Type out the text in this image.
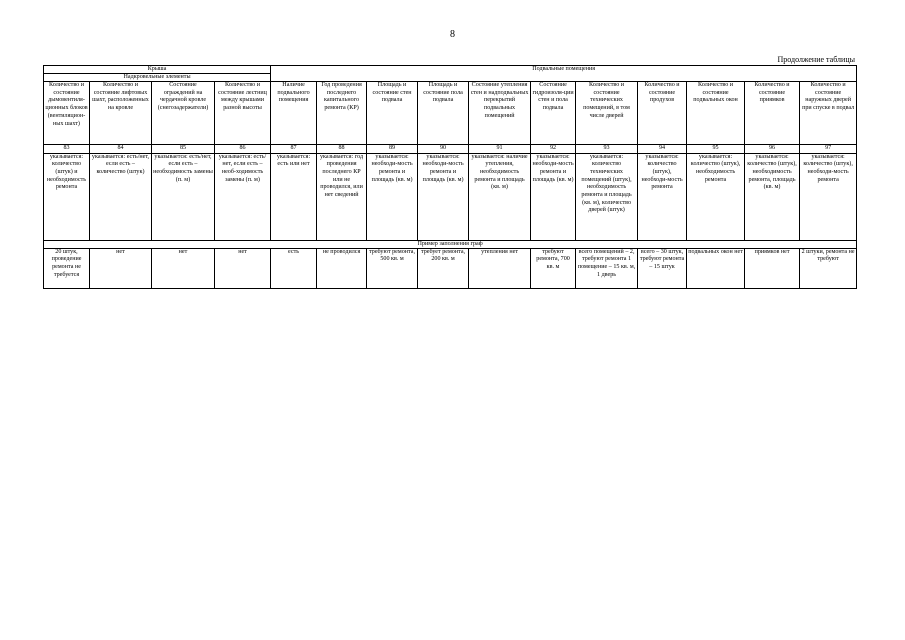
8
Продолжение таблицы
Крыша				Подвальные помещения										
Надкровельные элементы														
Количество и состояние дымовентиля-ционных блоков (вентиляцион-ных шахт)	Количество и состояние лифтовых шахт, расположенных на кровле	Состояние ограждений на чердачной кровле (снегозадержатели)	Количество и состояние лестниц между крышами разной высоты	Наличие подвального помещения	Год проведения последнего капитального ремонта (КР)	Площадь и состояние стен подвала	Площадь и состояние пола подвала	Состояние утепления стен и надподвальных перекрытий подвальных помещений	Состояние гидроизоля-ции стен и пола подвала	Количество и состояние технических помещений, в том числе дверей	Количество и состояние продухов	Количество и состояние подвальных окон	Количество и состояние приямков	Количество и состояние наружных дверей при спуске в подвал
83	84	85	86	87	88	89	90	91	92	93	94	95	96	97
указывается: количество (штук) и необходимость ремонта	указывается: есть/нет, если есть – количество (штук)	указывается: есть/нет, если есть – необходимость замены (п. м)	указывается: есть/нет, если есть – необ-ходимость замены (п. м)	указывается: есть или нет	указывается: год проведения последнего КР или не проводился, или нет сведений	указывается: необходи-мость ремонта и площадь (кв. м)	указывается: необходи-мость ремонта и площадь (кв. м)	указывается: наличие утепления, необходимость ремонта и площадь (кв. м)	указывается: необходи-мость ремонта и площадь (кв. м)	указывается: количество технических помещений (штук), необходимость ремонта и площадь (кв. м), количество дверей (штук)	указывается: количество (штук), необходи-мость ремонта	указывается: количество (штук), необходимость ремонта	указывается: количество (штук), необходимость ремонта, площадь (кв. м)	указывается: количество (штук), необходи-мость ремонта
Пример заполнения граф														
20 штук, проведение ремонта не требуется	нет	нет	нет	есть	не проводился	требуют ремонта, 500 кв. м	требует ремонта, 200 кв. м	утепления нет	требуют ремонта, 700 кв. м	всего помещений – 2, требуют ремонта 1 помещение – 15 кв. м, 1 дверь	всего – 30 штук, требуют ремонта – 15 штук	подвальных окон нет	приямков нет	2 штуки, ремонта не требуют
